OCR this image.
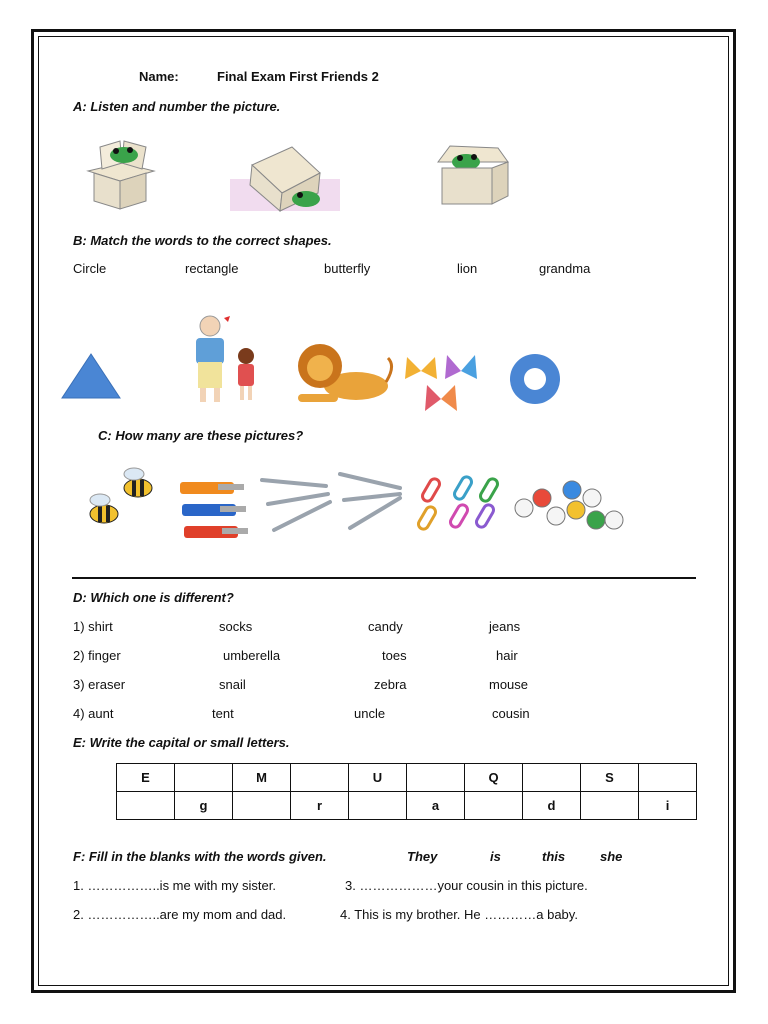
Name:	Final Exam First Friends 2
A: Listen and number the picture.
B: Match the words to the correct shapes.
Circle	rectangle	butterfly	lion	grandma
C: How many are these pictures?
D: Which one is different?
1) shirt	socks	candy	jeans
2) finger	umberella	toes	hair
3) eraser	snail	zebra	mouse
4) aunt	tent	uncle	cousin
E: Write the capital or small letters.
E		M		U		Q		S	
	g		r		a		d		i
F: Fill in the blanks with the words given.	They	is	this	she
1. ……………..is me with my sister.	3. ………………your cousin in this picture.
2. ……………..are my mom and dad.	4. This is my brother. He …………a baby.
